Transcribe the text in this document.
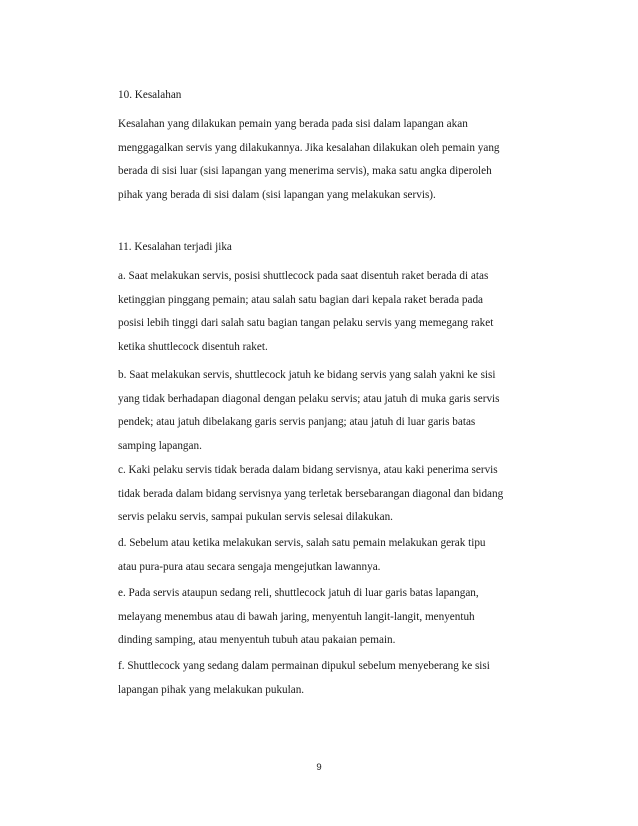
10. Kesalahan
Kesalahan yang dilakukan pemain yang berada pada sisi dalam lapangan akan
menggagalkan servis yang dilakukannya. Jika kesalahan dilakukan oleh pemain yang
berada di sisi luar (sisi lapangan yang menerima servis), maka satu angka diperoleh
pihak yang berada di sisi dalam (sisi lapangan yang melakukan servis).
11. Kesalahan terjadi jika
a. Saat melakukan servis, posisi shuttlecock pada saat disentuh raket berada di atas
ketinggian pinggang pemain; atau salah satu bagian dari kepala raket berada pada
posisi lebih tinggi dari salah satu bagian tangan pelaku servis yang memegang raket
ketika shuttlecock disentuh raket.
b. Saat melakukan servis, shuttlecock jatuh ke bidang servis yang salah yakni ke sisi
yang tidak berhadapan diagonal dengan pelaku servis; atau jatuh di muka garis servis
pendek; atau jatuh dibelakang garis servis panjang; atau jatuh di luar garis batas
samping lapangan.
c. Kaki pelaku servis tidak berada dalam bidang servisnya, atau kaki penerima servis
tidak berada dalam bidang servisnya yang terletak bersebarangan diagonal dan bidang
servis pelaku servis, sampai pukulan servis selesai dilakukan.
d. Sebelum atau ketika melakukan servis, salah satu pemain melakukan gerak tipu
atau pura-pura atau secara sengaja mengejutkan lawannya.
e. Pada servis ataupun sedang reli, shuttlecock jatuh di luar garis batas lapangan,
melayang menembus atau di bawah jaring, menyentuh langit-langit, menyentuh
dinding samping, atau menyentuh tubuh atau pakaian pemain.
f. Shuttlecock yang sedang dalam permainan dipukul sebelum menyeberang ke sisi
lapangan pihak yang melakukan pukulan.
9
